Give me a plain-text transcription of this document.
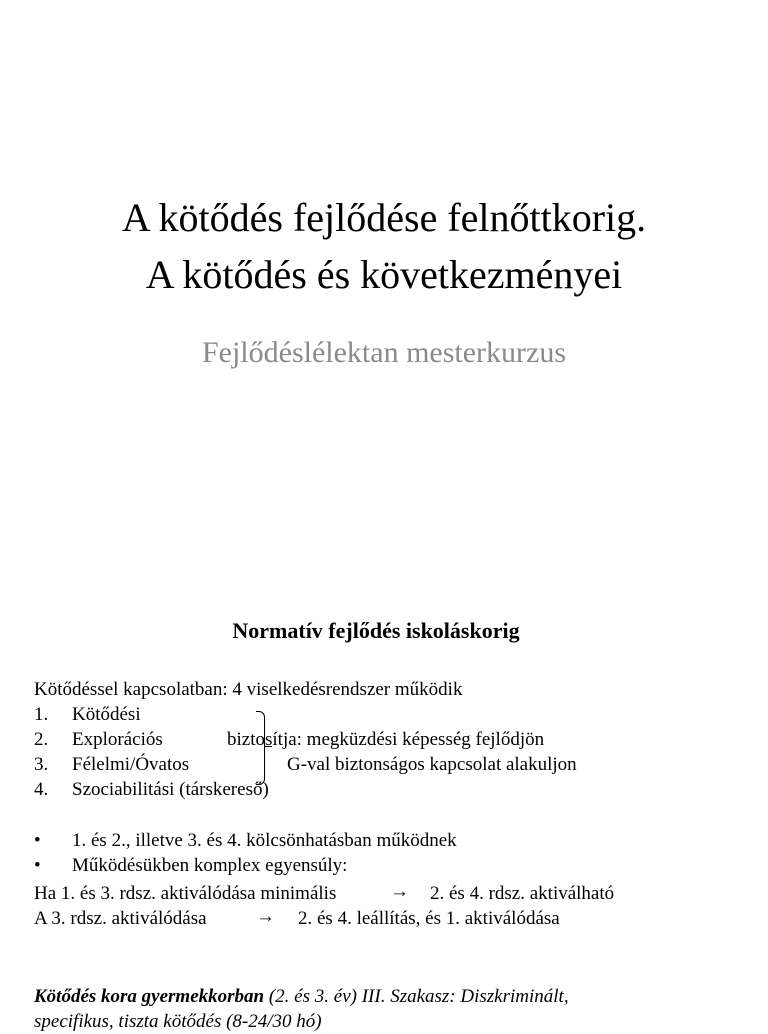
A kötődés fejlődése felnőttkorig.
A kötődés és következményei
Fejlődéslélektan mesterkurzus
Normatív fejlődés iskoláskorig
Kötődéssel kapcsolatban: 4 viselkedésrendszer működik
1. Kötődési
2. Explorációs
3. Félelmi/Óvatos
4. Szociabilitási (társkereső)
biztosítja: megküzdési képesség fejlődjön
G-val biztonságos kapcsolat alakuljon
• 1. és 2., illetve 3. és 4. kölcsönhatásban működnek
• Működésükben komplex egyensúly:
Ha 1. és 3. rdsz. aktiválódása minimális	→ 2. és 4. rdsz. aktiválható
A 3. rdsz. aktiválódása	→ 2. és 4. leállítás, és 1. aktiválódása
Kötődés kora gyermekkorban (2. és 3. év) III. Szakasz: Diszkriminált,
specifikus, tiszta kötődés (8-24/30 hó)
